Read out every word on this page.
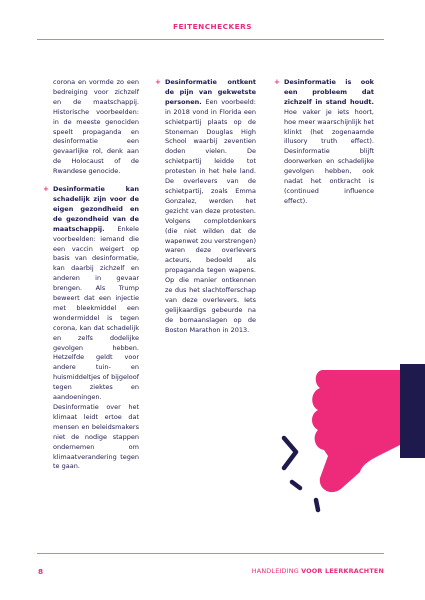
FEITENCHECKERS

corona en vormde zo een bedreiging voor zichzelf en de maatschappij. Historische voorbeelden: in de meeste genociden speelt propaganda en desinformatie een gevaarlijke rol, denk aan de Holocaust of de Rwandese genocide.

+ Desinformatie kan schadelijk zijn voor de eigen gezondheid en de gezondheid van de maatschappij. Enkele voorbeelden: iemand die een vaccin weigert op basis van desinformatie, kan daarbij zichzelf en anderen in gevaar brengen. Als Trump beweert dat een injectie met bleekmiddel een wondermiddel is tegen corona, kan dat schadelijk en zelfs dodelijke gevolgen hebben. Hetzelfde geldt voor andere tuin- en huismiddeltjes of bijgeloof tegen ziektes en aandoeningen. Desinformatie over het klimaat leidt ertoe dat mensen en beleidsmakers niet de nodige stappen ondernemen om klimaatverandering tegen te gaan.

+ Desinformatie ontkent de pijn van gekwetste personen. Een voorbeeld: in 2018 vond in Florida een schietpartij plaats op de Stoneman Douglas High School waarbij zeventien doden vielen. De schietpartij leidde tot protesten in het hele land. De overlevers van de schietpartij, zoals Emma Gonzalez, werden het gezicht van deze protesten. Volgens complotdenkers (die niet wilden dat de wapenwet zou verstrengen) waren deze overlevers acteurs, bedoeld als propaganda tegen wapens. Op die manier ontkennen ze dus het slachtofferschap van deze overlevers. Iets gelijkaardigs gebeurde na de bomaanslagen op de Boston Marathon in 2013.

+ Desinformatie is ook een probleem dat zichzelf in stand houdt. Hoe vaker je iets hoort, hoe meer waarschijnlijk het klinkt (het zogenaamde illusory truth effect). Desinformatie blijft doorwerken en schadelijke gevolgen hebben, ook nadat het ontkracht is (continued influence effect).

8	HANDLEIDING VOOR LEERKRACHTEN
